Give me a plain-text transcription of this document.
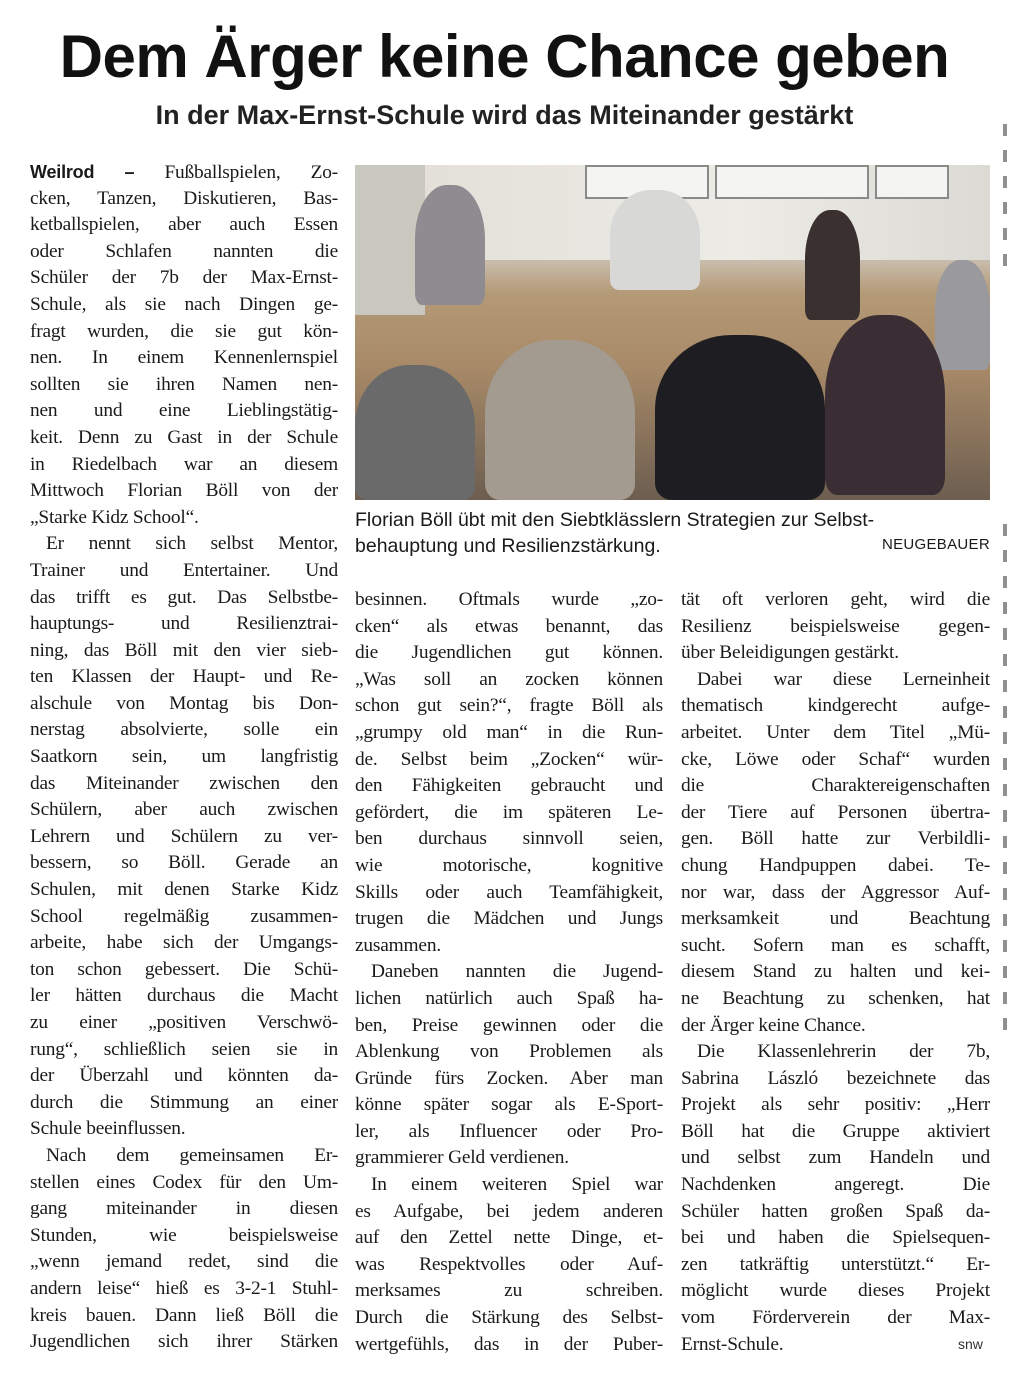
Dem Ärger keine Chance geben
In der Max-Ernst-Schule wird das Miteinander gestärkt
Florian Böll übt mit den Siebtklässlern Strategien zur Selbst-
behauptung und Resilienzstärkung.	NEUGEBAUER
Weilrod – Fußballspielen, Zo-
cken, Tanzen, Diskutieren, Bas-
ketballspielen, aber auch Essen
oder Schlafen nannten die
Schüler der 7b der Max-Ernst-
Schule, als sie nach Dingen ge-
fragt wurden, die sie gut kön-
nen. In einem Kennenlernspiel
sollten sie ihren Namen nen-
nen und eine Lieblingstätig-
keit. Denn zu Gast in der Schule
in Riedelbach war an diesem
Mittwoch Florian Böll von der
„Starke Kidz School“.
Er nennt sich selbst Mentor,
Trainer und Entertainer. Und
das trifft es gut. Das Selbstbe-
hauptungs- und Resilienztrai-
ning, das Böll mit den vier sieb-
ten Klassen der Haupt- und Re-
alschule von Montag bis Don-
nerstag absolvierte, solle ein
Saatkorn sein, um langfristig
das Miteinander zwischen den
Schülern, aber auch zwischen
Lehrern und Schülern zu ver-
bessern, so Böll. Gerade an
Schulen, mit denen Starke Kidz
School regelmäßig zusammen-
arbeite, habe sich der Umgangs-
ton schon gebessert. Die Schü-
ler hätten durchaus die Macht
zu einer „positiven Verschwö-
rung“, schließlich seien sie in
der Überzahl und könnten da-
durch die Stimmung an einer
Schule beeinflussen.
Nach dem gemeinsamen Er-
stellen eines Codex für den Um-
gang miteinander in diesen
Stunden, wie beispielsweise
„wenn jemand redet, sind die
andern leise“ hieß es 3-2-1 Stuhl-
kreis bauen. Dann ließ Böll die
Jugendlichen sich ihrer Stärken
besinnen. Oftmals wurde „zo-
cken“ als etwas benannt, das
die Jugendlichen gut können.
„Was soll an zocken können
schon gut sein?“, fragte Böll als
„grumpy old man“ in die Run-
de. Selbst beim „Zocken“ wür-
den Fähigkeiten gebraucht und
gefördert, die im späteren Le-
ben durchaus sinnvoll seien,
wie motorische, kognitive
Skills oder auch Teamfähigkeit,
trugen die Mädchen und Jungs
zusammen.
Daneben nannten die Jugend-
lichen natürlich auch Spaß ha-
ben, Preise gewinnen oder die
Ablenkung von Problemen als
Gründe fürs Zocken. Aber man
könne später sogar als E-Sport-
ler, als Influencer oder Pro-
grammierer Geld verdienen.
In einem weiteren Spiel war
es Aufgabe, bei jedem anderen
auf den Zettel nette Dinge, et-
was Respektvolles oder Auf-
merksames zu schreiben.
Durch die Stärkung des Selbst-
wertgefühls, das in der Puber-
tät oft verloren geht, wird die
Resilienz beispielsweise gegen-
über Beleidigungen gestärkt.
Dabei war diese Lerneinheit
thematisch kindgerecht aufge-
arbeitet. Unter dem Titel „Mü-
cke, Löwe oder Schaf“ wurden
die Charaktereigenschaften
der Tiere auf Personen übertra-
gen. Böll hatte zur Verbildli-
chung Handpuppen dabei. Te-
nor war, dass der Aggressor Auf-
merksamkeit und Beachtung
sucht. Sofern man es schafft,
diesem Stand zu halten und kei-
ne Beachtung zu schenken, hat
der Ärger keine Chance.
Die Klassenlehrerin der 7b,
Sabrina László bezeichnete das
Projekt als sehr positiv: „Herr
Böll hat die Gruppe aktiviert
und selbst zum Handeln und
Nachdenken angeregt. Die
Schüler hatten großen Spaß da-
bei und haben die Spielsequen-
zen tatkräftig unterstützt.“ Er-
möglicht wurde dieses Projekt
vom Förderverein der Max-
Ernst-Schule.	snw
